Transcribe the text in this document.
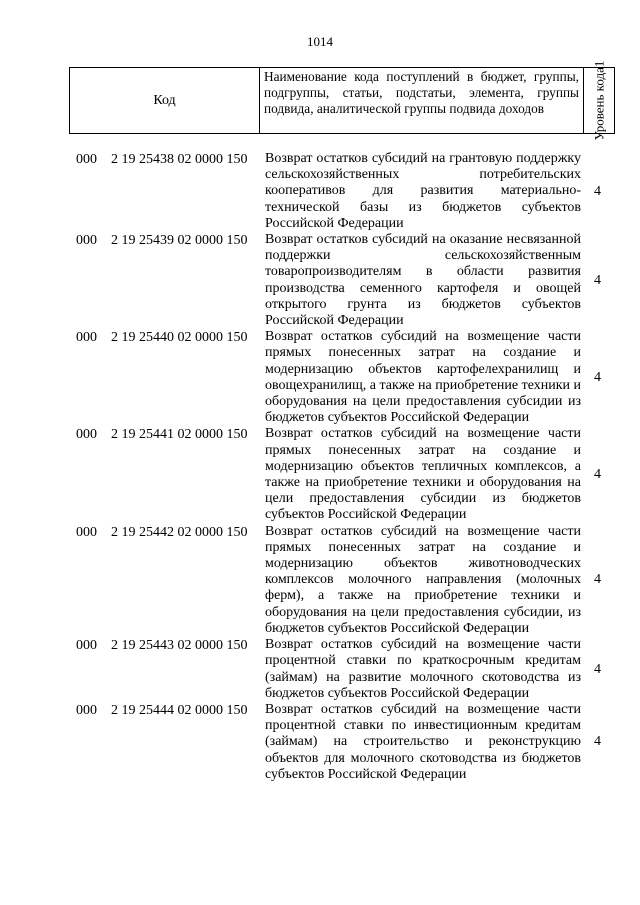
1014
Код
Наименование кода поступлений в бюджет, группы, подгруппы, статьи, подстатьи, элемента, группы подвида, аналитической группы подвида доходов	Уровень кода1
000 2 19 25438 02 0000 150 Возврат остатков субсидий на грантовую поддержку сельскохозяйственных потребительских кооперативов для развития материально-технической базы из бюджетов субъектов Российской Федерации
4
000 2 19 25439 02 0000 150 Возврат остатков субсидий на оказание несвязанной поддержки сельскохозяйственным товаропроизводителям в области развития производства семенного картофеля и овощей открытого грунта из бюджетов субъектов Российской Федерации
4
000 2 19 25440 02 0000 150 Возврат остатков субсидий на возмещение части прямых понесенных затрат на создание и модернизацию объектов картофелехранилищ и овощехранилищ, а также на приобретение техники и оборудования на цели предоставления субсидии из бюджетов субъектов Российской Федерации
4
000 2 19 25441 02 0000 150 Возврат остатков субсидий на возмещение части прямых понесенных затрат на создание и модернизацию объектов тепличных комплексов, а также на приобретение техники и оборудования на цели предоставления субсидии из бюджетов субъектов Российской Федерации
4
000 2 19 25442 02 0000 150 Возврат остатков субсидий на возмещение части прямых понесенных затрат на создание и модернизацию объектов животноводческих комплексов молочного направления (молочных ферм), а также на приобретение техники и оборудования на цели предоставления субсидии, из бюджетов субъектов Российской Федерации
4
000 2 19 25443 02 0000 150 Возврат остатков субсидий на возмещение части процентной ставки по краткосрочным кредитам (займам) на развитие молочного скотоводства из бюджетов субъектов Российской Федерации
4
000 2 19 25444 02 0000 150 Возврат остатков субсидий на возмещение части процентной ставки по инвестиционным кредитам (займам) на строительство и реконструкцию объектов для молочного скотоводства из бюджетов субъектов Российской Федерации
4
